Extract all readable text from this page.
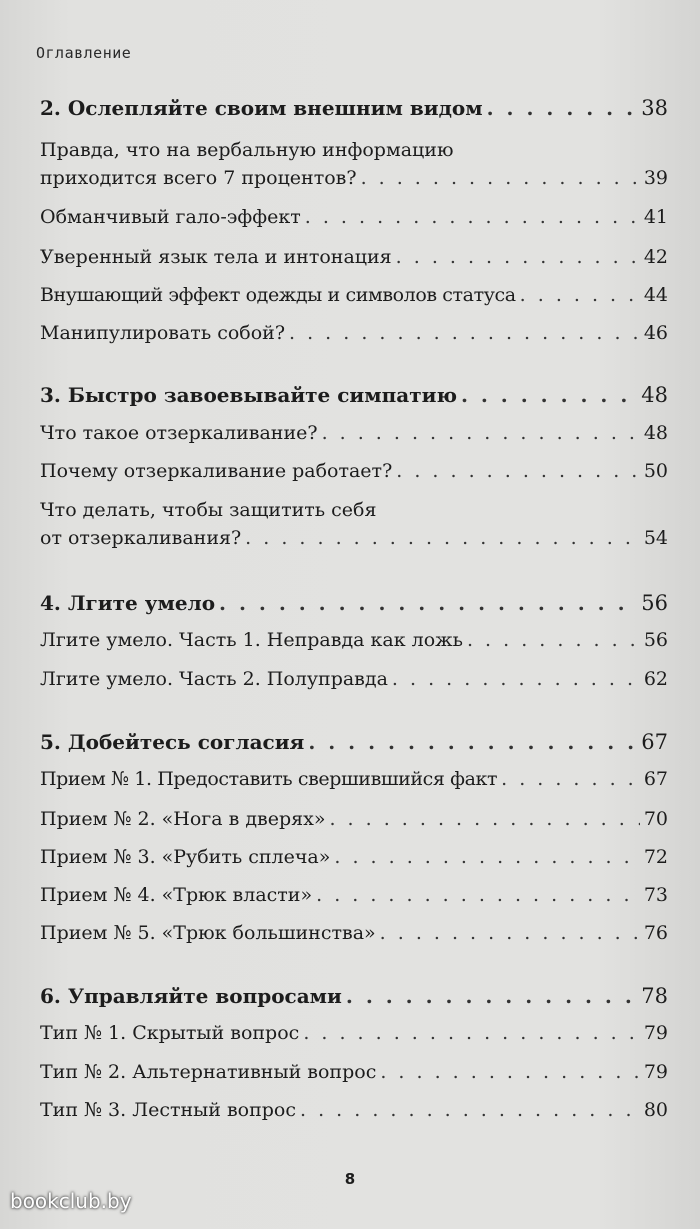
Оглавление
2. Ослепляйте своим внешним видом . . .	38
Правда, что на вербальную информацию
приходится всего 7 процентов? . . .	39
Обманчивый гало-эффект . . .	41
Уверенный язык тела и интонация . . .	42
Внушающий эффект одежды и символов статуса . . .	44
Манипулировать собой? . . .	46
3. Быстро завоевывайте симпатию . . .	48
Что такое отзеркаливание? . . .	48
Почему отзеркаливание работает? . . .	50
Что делать, чтобы защитить себя
от отзеркаливания? . . .	54
4. Лгите умело . . .	56
Лгите умело. Часть 1. Неправда как ложь . . .	56
Лгите умело. Часть 2. Полуправда . . .	62
5. Добейтесь согласия . . .	67
Прием № 1. Предоставить свершившийся факт . . .	67
Прием № 2. «Нога в дверях» . . .	70
Прием № 3. «Рубить сплеча» . . .	72
Прием № 4. «Трюк власти» . . .	73
Прием № 5. «Трюк большинства» . . .	76
6. Управляйте вопросами . . .	78
Тип № 1. Скрытый вопрос . . .	79
Тип № 2. Альтернативный вопрос . . .	79
Тип № 3. Лестный вопрос . . .	80
8
bookclub.by
